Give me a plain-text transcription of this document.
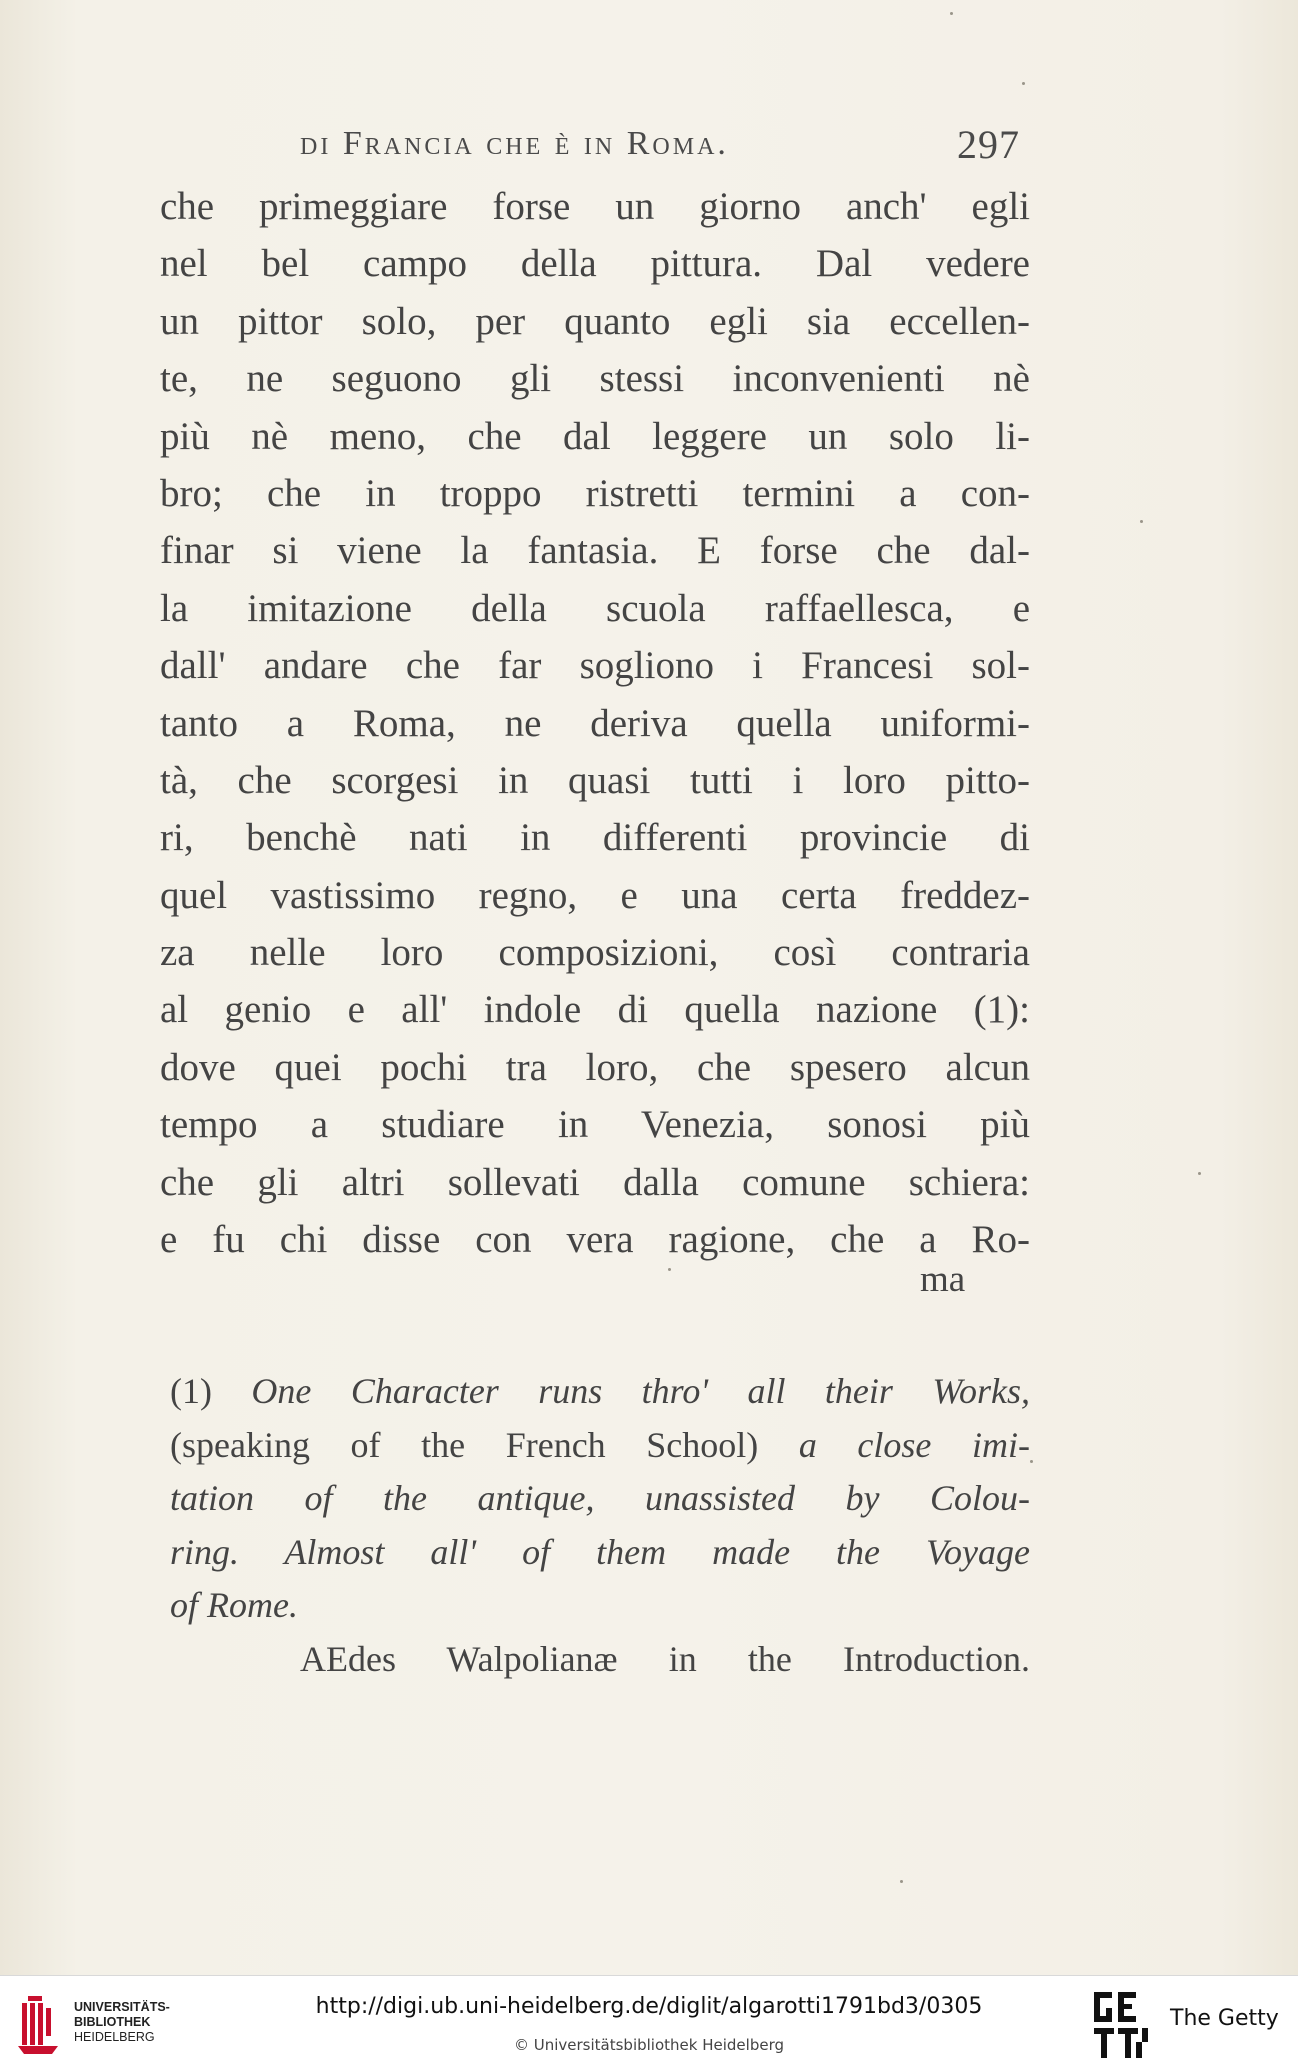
di Francia che è in Roma.	297
che primeggiare forse un giorno anch' egli
nel bel campo della pittura. Dal vedere
un pittor solo, per quanto egli sia eccellen-
te, ne seguono gli stessi inconvenienti nè
più nè meno, che dal leggere un solo li-
bro; che in troppo ristretti termini a con-
finar si viene la fantasia. E forse che dal-
la imitazione della scuola raffaellesca, e
dall' andare che far sogliono i Francesi sol-
tanto a Roma, ne deriva quella uniformi-
tà, che scorgesi in quasi tutti i loro pitto-
ri, benchè nati in differenti provincie di
quel vastissimo regno, e una certa freddez-
za nelle loro composizioni, così contraria
al genio e all' indole di quella nazione (1):
dove quei pochi tra loro, che spesero alcun
tempo a studiare in Venezia, sonosi più
che gli altri sollevati dalla comune schiera:
e fu chi disse con vera ragione, che a Ro-
ma
(1) One Character runs thro' all their Works,
(speaking of the French School) a close imi-
tation of the antique, unassisted by Colou-
ring. Almost all' of them made the Voyage
of Rome.
AEdes Walpolianæ in the Introduction.
UNIVERSITÄTS-
BIBLIOTHEK
HEIDELBERG
http://digi.ub.uni-heidelberg.de/diglit/algarotti1791bd3/0305
© Universitätsbibliothek Heidelberg
The Getty
